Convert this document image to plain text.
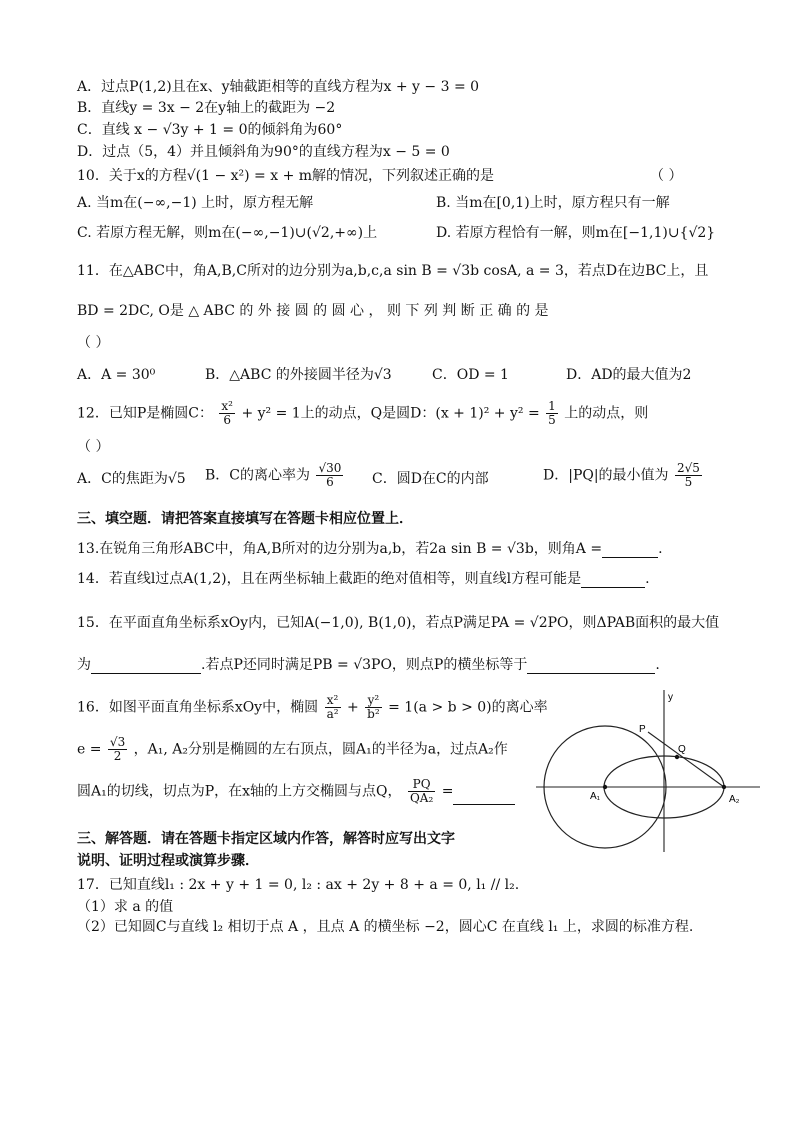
A．过点P(1,2)且在x、y轴截距相等的直线方程为x + y − 3 = 0
B．直线y = 3x − 2在y轴上的截距为 −2
C．直线 x − √3y + 1 = 0的倾斜角为60°
D．过点（5，4）并且倾斜角为90°的直线方程为x − 5 = 0
10．关于x的方程√(1 − x²) = x + m解的情况，下列叙述正确的是	（ ）
A. 当m在(−∞,−1) 上时，原方程无解	B. 当m在[0,1)上时，原方程只有一解
C. 若原方程无解，则m在(−∞,−1)∪(√2,+∞)上	D. 若原方程恰有一解，则m在[−1,1)∪{√2}
11．在△ABC中，角A,B,C所对的边分别为a,b,c,a sin B = √3b cosA, a = 3，若点D在边BC上，且
BD = 2DC, O是 △ ABC 的 外 接 圆 的 圆 心 ， 则 下 列 判 断 正 确 的 是
（ ）
A．A = 30⁰	B．△ABC 的外接圆半径为√3	C．OD = 1	D．AD的最大值为2
12．已知P是椭圆C： $\frac{\text{x²}}{6} + y^2 = 1$上的动点，Q是圆D：$(x + 1)^2 + y^2 = \frac{1}{5}$ 上的动点，则
（ ）
A．C的焦距为√5 B．C的离心率为 $\frac{√30}{6}$ C．圆D在C的内部	D．|PQ|的最小值为 $\frac{2√5}{5}$
三、填空题．请把答案直接填写在答题卡相应位置上．
13.在锐角三角形ABC中，角A,B所对的边分别为a,b，若2a sin B = √3b，则角A =	.
14．若直线l过点A(1,2)，且在两坐标轴上截距的绝对值相等，则直线l方程可能是	.
15．在平面直角坐标系xOy内，已知A(−1,0), B(1,0)，若点P满足PA = √2PO，则ΔPAB面积的最大值
为	.若点P还同时满足PB = √3PO，则点P的横坐标等于	.
16．如图平面直角坐标系xOy中，椭圆 $\frac{\text{x²}}{\text{a²}} + \frac{\text{y²}}{\text{b²}} = 1(a > b > 0)$的离心率
$e = \frac{√3}{2}$ ，A₁, A₂分别是椭圆的左右顶点，圆A₁的半径为a，过点A₂作
圆A₁的切线，切点为P，在x轴的上方交椭圆与点Q， $\frac{PQ}{\text{QA₂}}$ =
三、解答题．请在答题卡指定区域内作答，解答时应写出文字
说明、证明过程或演算步骤．
17．已知直线l₁ : 2x + y + 1 = 0, l₂ : ax + 2y + 8 + a = 0, l₁ // l₂.
（1）求 a 的值
（2）已知圆C与直线 l₂ 相切于点 A ，且点 A 的横坐标 −2，圆心C 在直线 l₁ 上，求圆的标准方程.
y
P
Q
A₁	A₂
